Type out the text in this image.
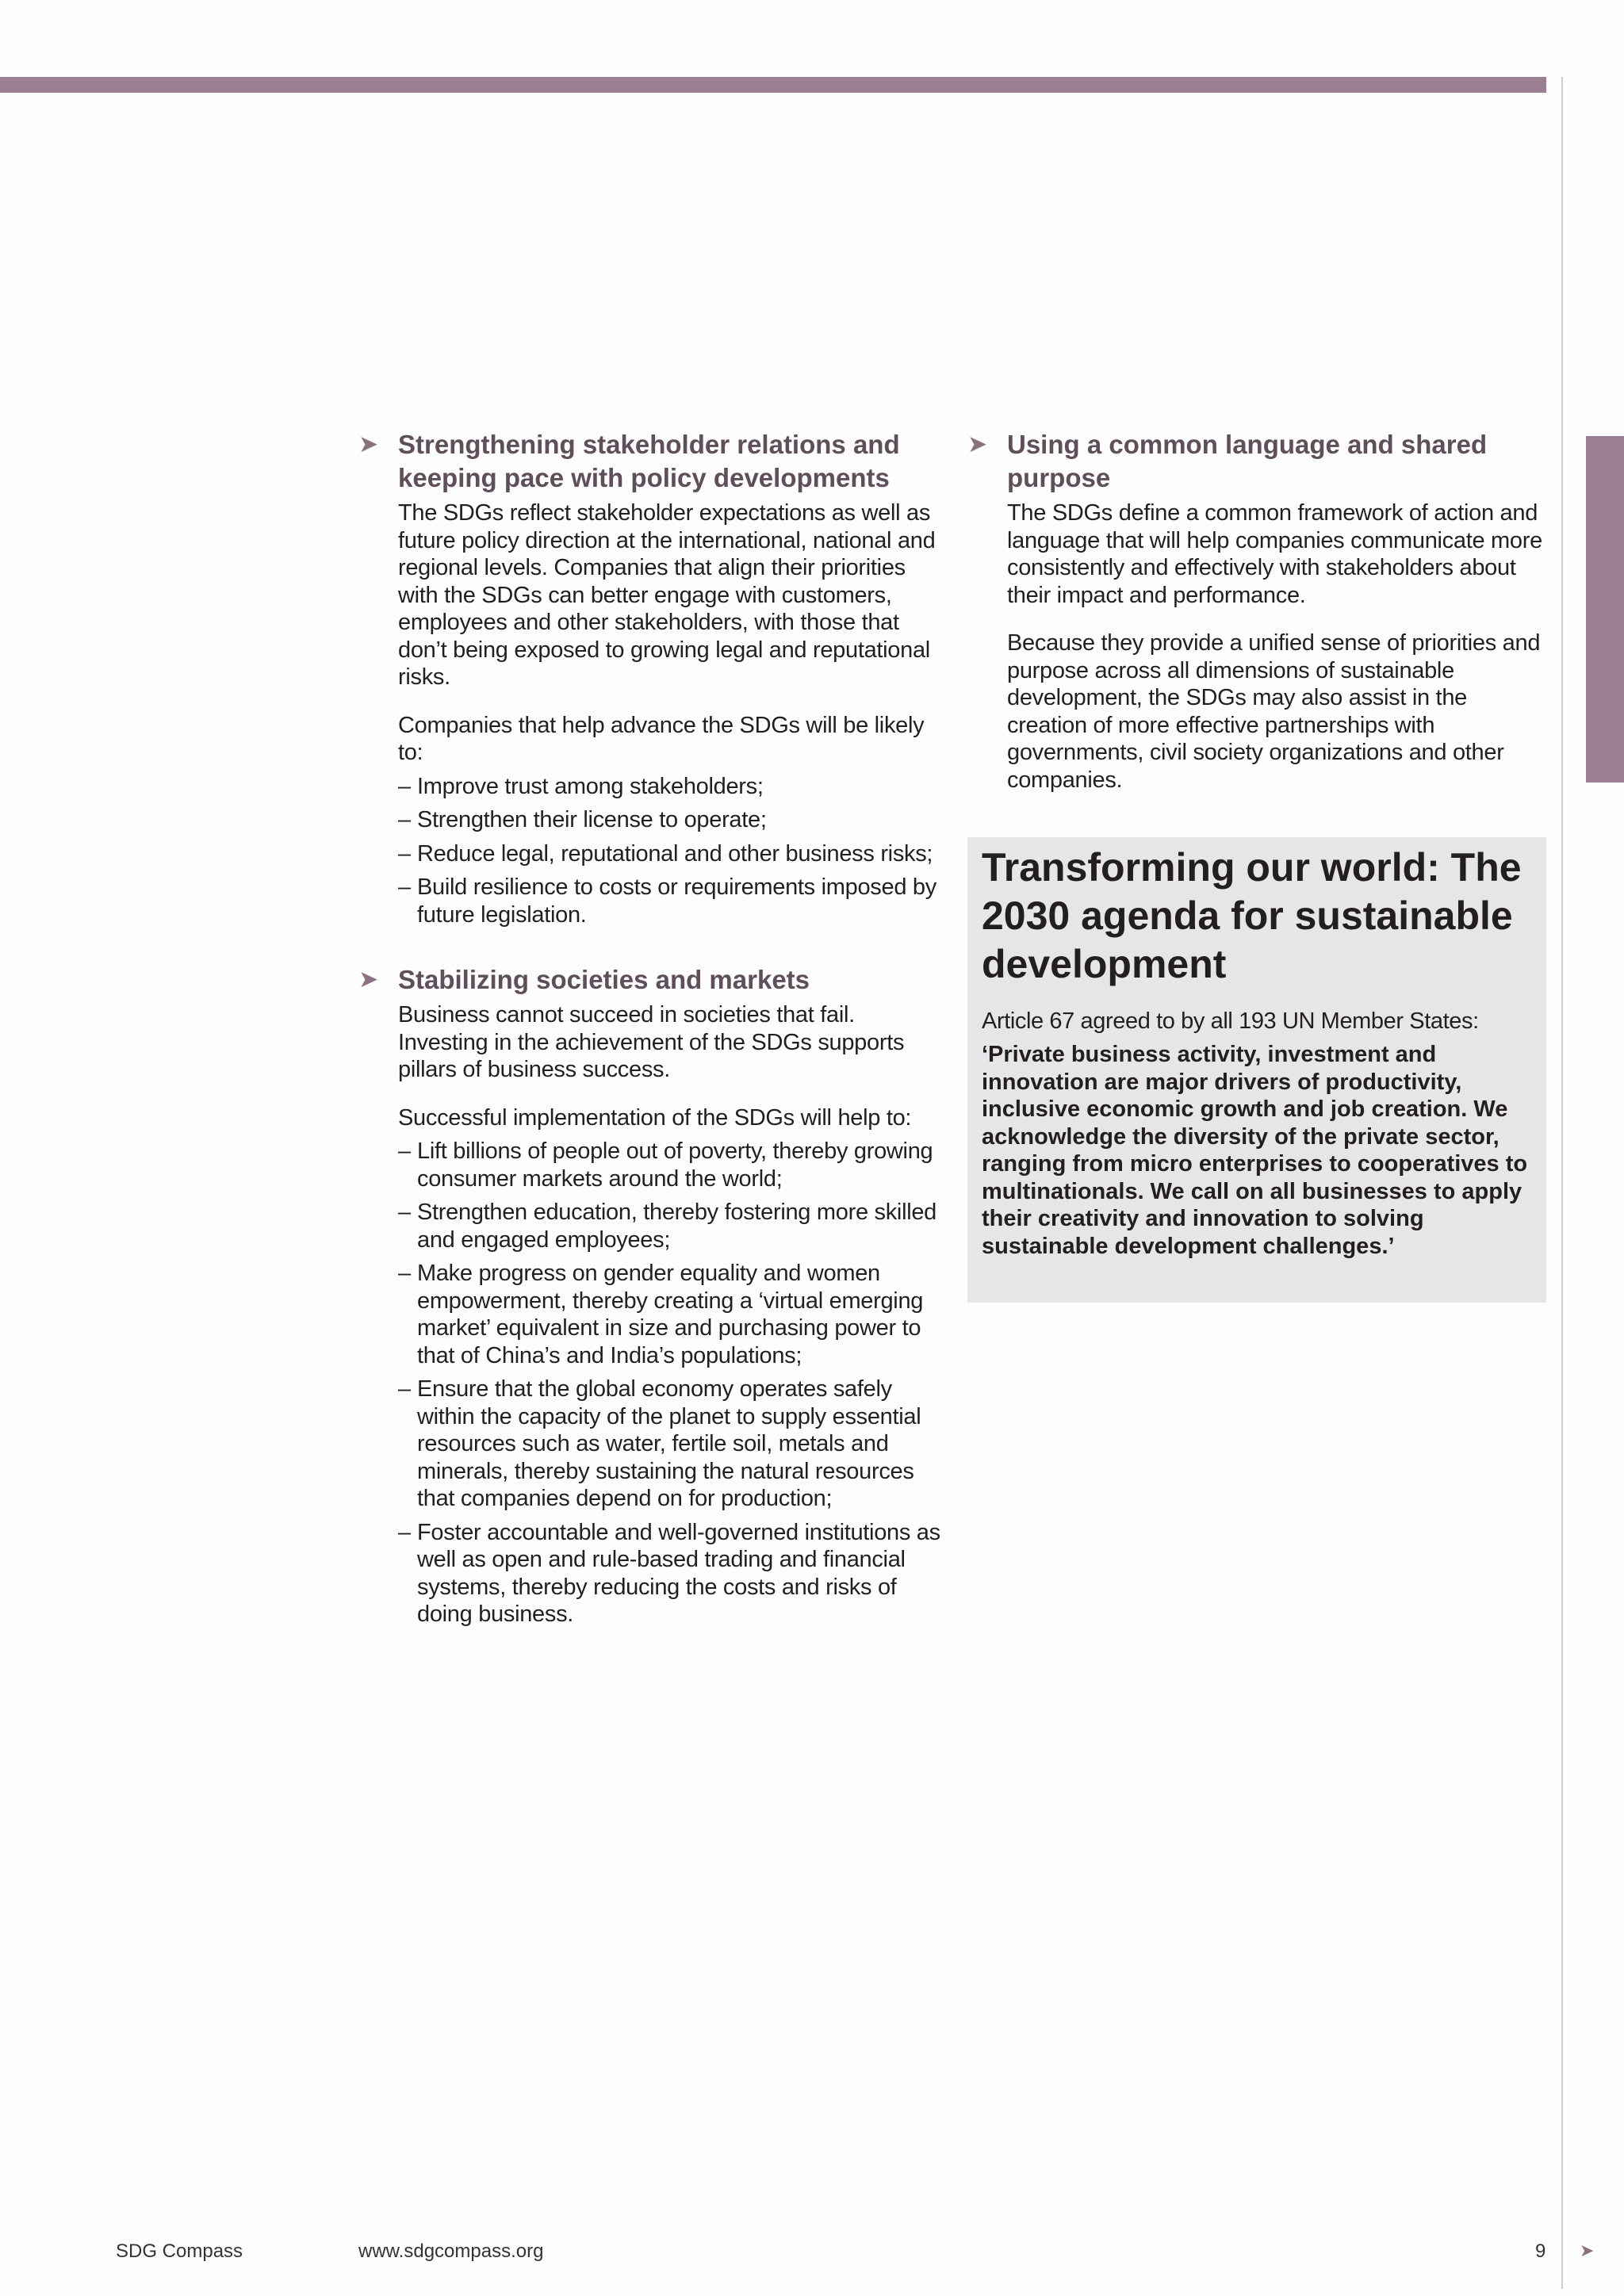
➤ Strengthening stakeholder relations and keeping pace with policy developments

The SDGs reflect stakeholder expectations as well as future policy direction at the international, national and regional levels. Companies that align their priorities with the SDGs can better engage with customers, employees and other stakeholders, with those that don’t being exposed to growing legal and reputational risks.

Companies that help advance the SDGs will be likely to:

– Improve trust among stakeholders;
– Strengthen their license to operate;
– Reduce legal, reputational and other business risks;
– Build resilience to costs or requirements imposed by future legislation.
➤ Stabilizing societies and markets

Business cannot succeed in societies that fail. Investing in the achievement of the SDGs supports pillars of business success.

Successful implementation of the SDGs will help to:

– Lift billions of people out of poverty, thereby growing consumer markets around the world;
– Strengthen education, thereby fostering more skilled and engaged employees;
– Make progress on gender equality and women empowerment, thereby creating a ‘virtual emerging market’ equivalent in size and purchasing power to that of China’s and India’s populations;
– Ensure that the global economy operates safely within the capacity of the planet to supply essential resources such as water, fertile soil, metals and minerals, thereby sustaining the natural resources that companies depend on for production;
– Foster accountable and well-governed institutions as well as open and rule-based trading and financial systems, thereby reducing the costs and risks of doing business.
➤ Using a common language and shared purpose

The SDGs define a common framework of action and language that will help companies communicate more consistently and effectively with stakeholders about their impact and performance.

Because they provide a unified sense of priorities and purpose across all dimensions of sustainable development, the SDGs may also assist in the creation of more effective partnerships with governments, civil society organizations and other companies.

Transforming our world: The 2030 agenda for sustainable development

Article 67 agreed to by all 193 UN Member States:

‘Private business activity, investment and innovation are major drivers of productivity, inclusive economic growth and job creation. We acknowledge the diversity of the private sector, ranging from micro enterprises to cooperatives to multinationals. We call on all businesses to apply their creativity and innovation to solving sustainable development challenges.’

SDG Compass	www.sdgcompass.org	9 ➤
